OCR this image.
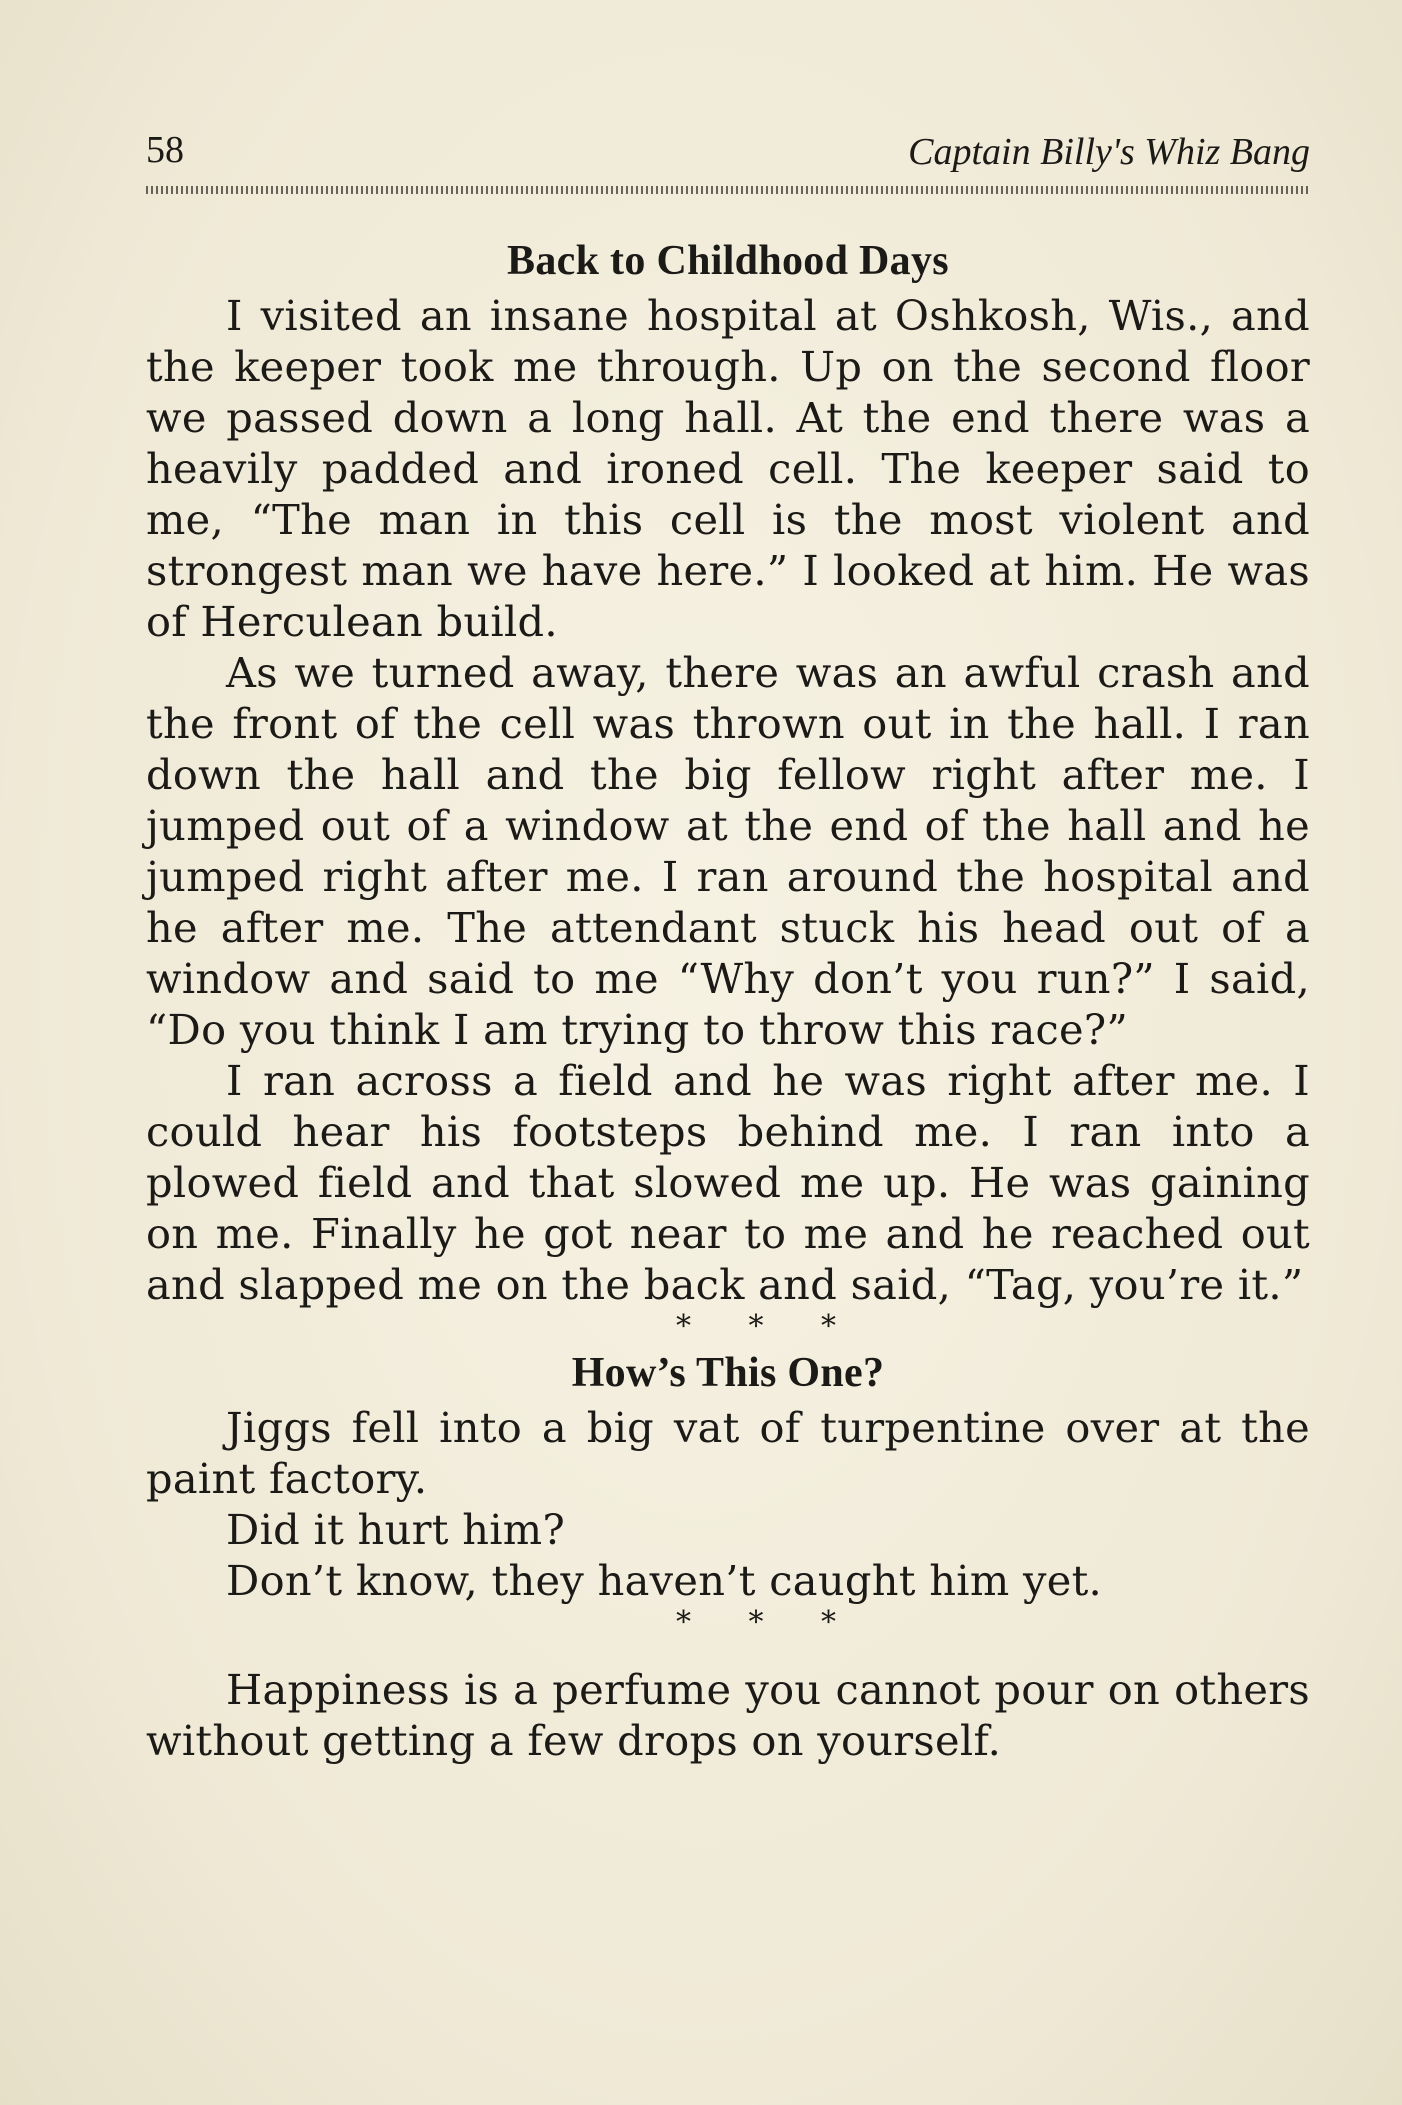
58	Captain Billy's Whiz Bang
Back to Childhood Days

I visited an insane hospital at Oshkosh, Wis., and the keeper took me through. Up on the second floor we passed down a long hall. At the end there was a heavily padded and ironed cell. The keeper said to me, “The man in this cell is the most violent and strongest man we have here.” I looked at him. He was of Herculean build.

As we turned away, there was an awful crash and the front of the cell was thrown out in the hall. I ran down the hall and the big fellow right after me. I jumped out of a window at the end of the hall and he jumped right after me. I ran around the hospital and he after me. The attendant stuck his head out of a window and said to me “Why don’t you run?” I said, “Do you think I am trying to throw this race?”

I ran across a field and he was right after me. I could hear his footsteps behind me. I ran into a plowed field and that slowed me up. He was gaining on me. Finally he got near to me and he reached out and slapped me on the back and said, “Tag, you’re it.”

* * *
How’s This One?

Jiggs fell into a big vat of turpentine over at the paint factory.

Did it hurt him?

Don’t know, they haven’t caught him yet.

* * *

Happiness is a perfume you cannot pour on others without getting a few drops on yourself.
